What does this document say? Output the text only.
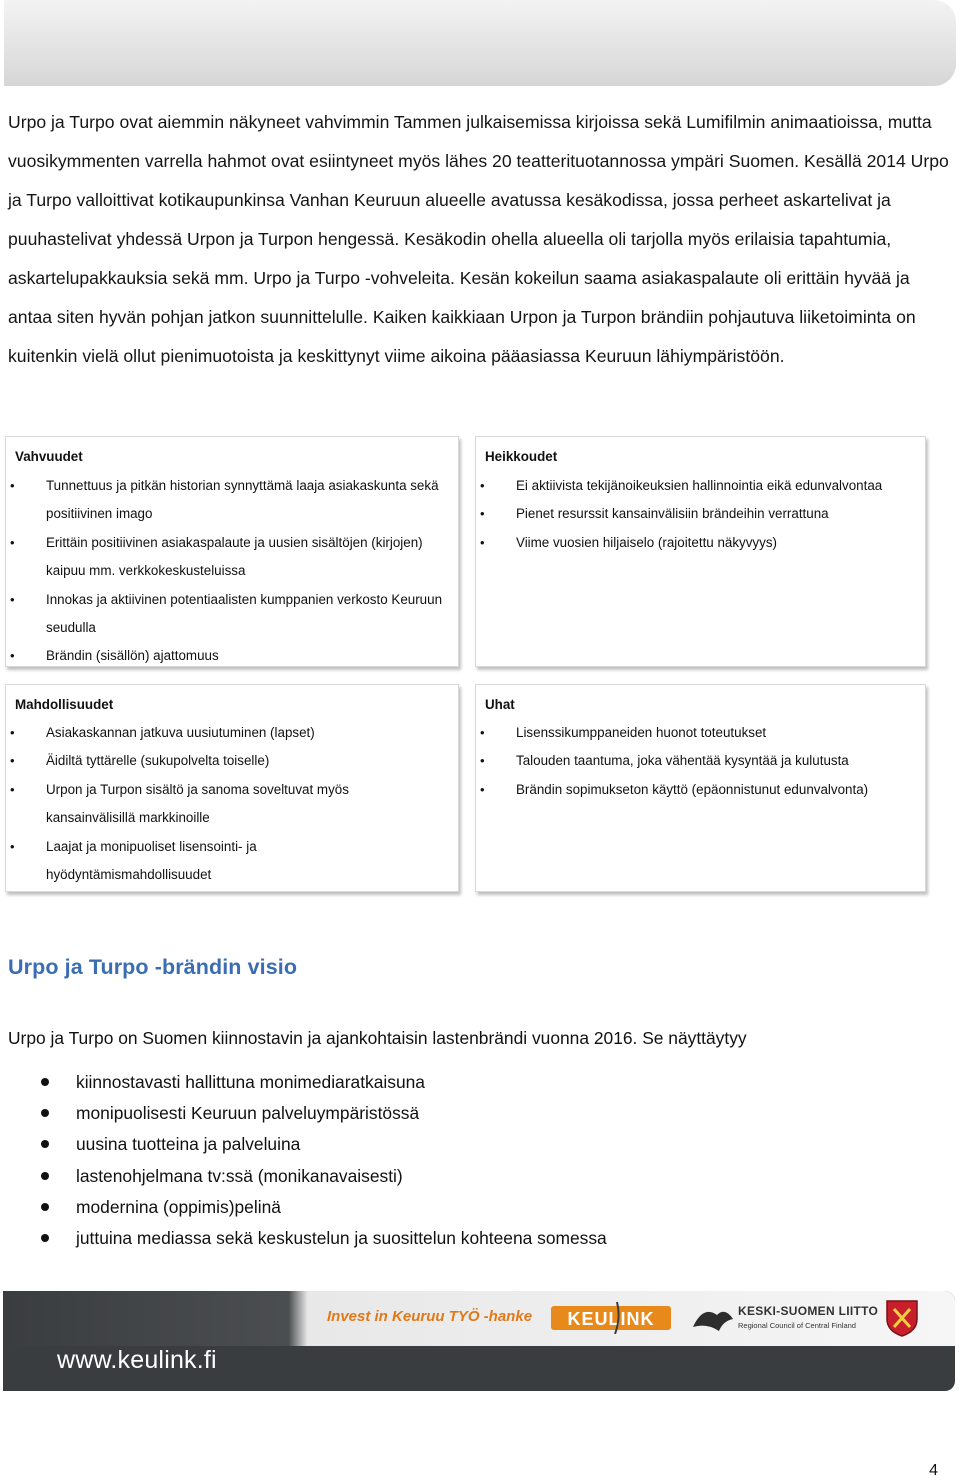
Urpo ja Turpo ovat aiemmin näkyneet vahvimmin Tammen julkaisemissa kirjoissa sekä Lumifilmin animaatioissa, mutta vuosikymmenten varrella hahmot ovat esiintyneet myös lähes 20 teatterituotannossa ympäri Suomen. Kesällä 2014 Urpo ja Turpo valloittivat kotikaupunkinsa Vanhan Keuruun alueelle avatussa kesäkodissa, jossa perheet askartelivat ja puuhastelivat yhdessä Urpon ja Turpon hengessä. Kesäkodin ohella alueella oli tarjolla myös erilaisia tapahtumia, askartelupakkauksia sekä mm. Urpo ja Turpo -vohveleita. Kesän kokeilun saama asiakaspalaute oli erittäin hyvää ja antaa siten hyvän pohjan jatkon suunnittelulle. Kaiken kaikkiaan Urpon ja Turpon brändiin pohjautuva liiketoiminta on kuitenkin vielä ollut pienimuotoista ja keskittynyt viime aikoina pääasiassa Keuruun lähiympäristöön.

Vahvuudet
• Tunnettuus ja pitkän historian synnyttämä laaja asiakaskunta sekä positiivinen imago
• Erittäin positiivinen asiakaspalaute ja uusien sisältöjen (kirjojen) kaipuu mm. verkkokeskusteluissa
• Innokas ja aktiivinen potentiaalisten kumppanien verkosto Keuruun seudulla
• Brändin (sisällön) ajattomuus
Heikkoudet
• Ei aktiivista tekijänoikeuksien hallinnointia eikä edunvalvontaa
• Pienet resurssit kansainvälisiin brändeihin verrattuna
• Viime vuosien hiljaiselo (rajoitettu näkyvyys)
Mahdollisuudet
• Asiakaskannan jatkuva uusiutuminen (lapset)
• Äidiltä tyttärelle (sukupolvelta toiselle)
• Urpon ja Turpon sisältö ja sanoma soveltuvat myös kansainvälisillä markkinoille
• Laajat ja monipuoliset lisensointi- ja hyödyntämismahdollisuudet
Uhat
• Lisenssikumppaneiden huonot toteutukset
• Talouden taantuma, joka vähentää kysyntää ja kulutusta
• Brändin sopimukseton käyttö (epäonnistunut edunvalvonta)
Urpo ja Turpo -brändin visio

Urpo ja Turpo on Suomen kiinnostavin ja ajankohtaisin lastenbrändi vuonna 2016. Se näyttäytyy

kiinnostavasti hallittuna monimediaratkaisuna
monipuolisesti Keuruun palveluympäristössä
uusina tuotteina ja palveluina
lastenohjelmana tv:ssä (monikanavaisesti)
modernina (oppimis)pelinä
juttuina mediassa sekä keskustelun ja suosittelun kohteena somessa
Invest in Keuruu TYÖ -hanke KEULINK	KESKI-SUOMEN LIITTO
Regional Council of Central Finland
www.keulink.fi
4
